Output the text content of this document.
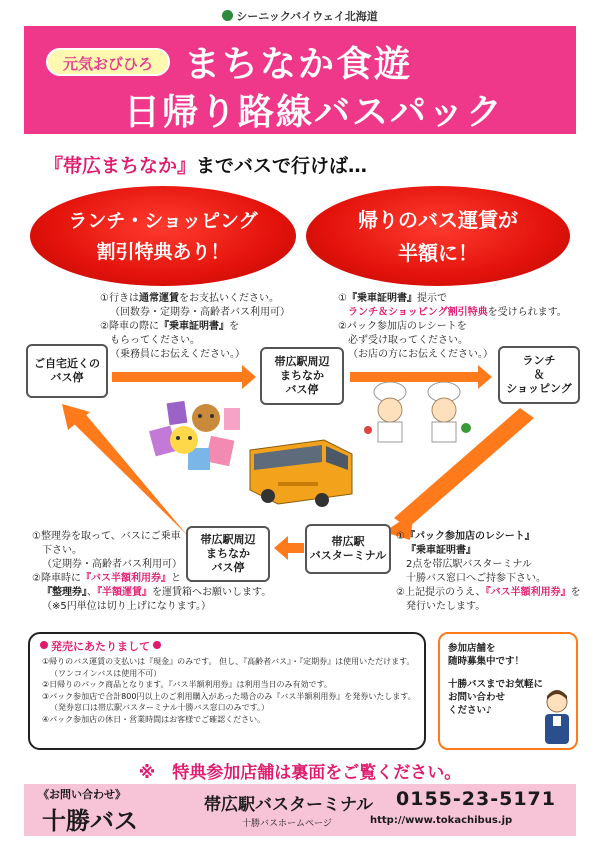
シーニックバイウェイ北海道
元気おびひろ まちなか食遊
日帰り路線バスパック
『帯広まちなか』までバスで行けば…
ランチ・ショッピング
割引特典あり！
帰りのバス運賃が
半額に！
ご自宅近くの
バス停
帯広駅周辺
まちなか
バス停
ランチ
＆
ショッピング
帯広駅
バスターミナル
帯広駅周辺
まちなか
バス停
①行きは通常運賃をお支払いください。
（回数券・定期券・高齢者バス利用可）
②降車の際に『乗車証明書』を
もらってください。
（乗務員にお伝えください。）
①『乗車証明書』提示で
ランチ＆ショッピング割引特典を受けられます。
②パック参加店のレシートを
必ず受け取ってください。
（お店の方にお伝えください。）
①整理券を取って、バスにご乗車
下さい。
（定期券・高齢者バス利用可）
②降車時に『バス半額利用券』と
『整理券』、『半額運賃』を運賃箱へお願いします。
（※5円単位は切り上げになります。）
①『パック参加店のレシート』
『乗車証明書』
2点を帯広駅バスターミナル
十勝バス窓口へご持参下さい。
②上記提示のうえ、『バス半額利用券』を
発行いたします。
発売にあたりまして
①帰りのバス運賃の支払いは『現金』のみです。 但し、『高齢者バス』・『定期券』は使用いただけます。
（ワンコインバスは使用不可）
②日帰りのパック商品となります。『バス半額利用券』は利用当日のみ有効です。
③パック参加店で合計800円以上のご利用購入があった場合のみ『バス半額利用券』を発券いたします。
（発券窓口は帯広駅バスターミナル十勝バス窓口のみです。）
④パック参加店の休日・営業時間はお客様でご確認ください。
参加店舗を
随時募集中です！
十勝バスまでお気軽に
お問い合わせ
ください♪
※　特典参加店舗は裏面をご覧ください。
《お問い合わせ》
十勝バス
帯広駅バスターミナル 0155-23-5171
十勝バスホームページ	http://www.tokachibus.jp
